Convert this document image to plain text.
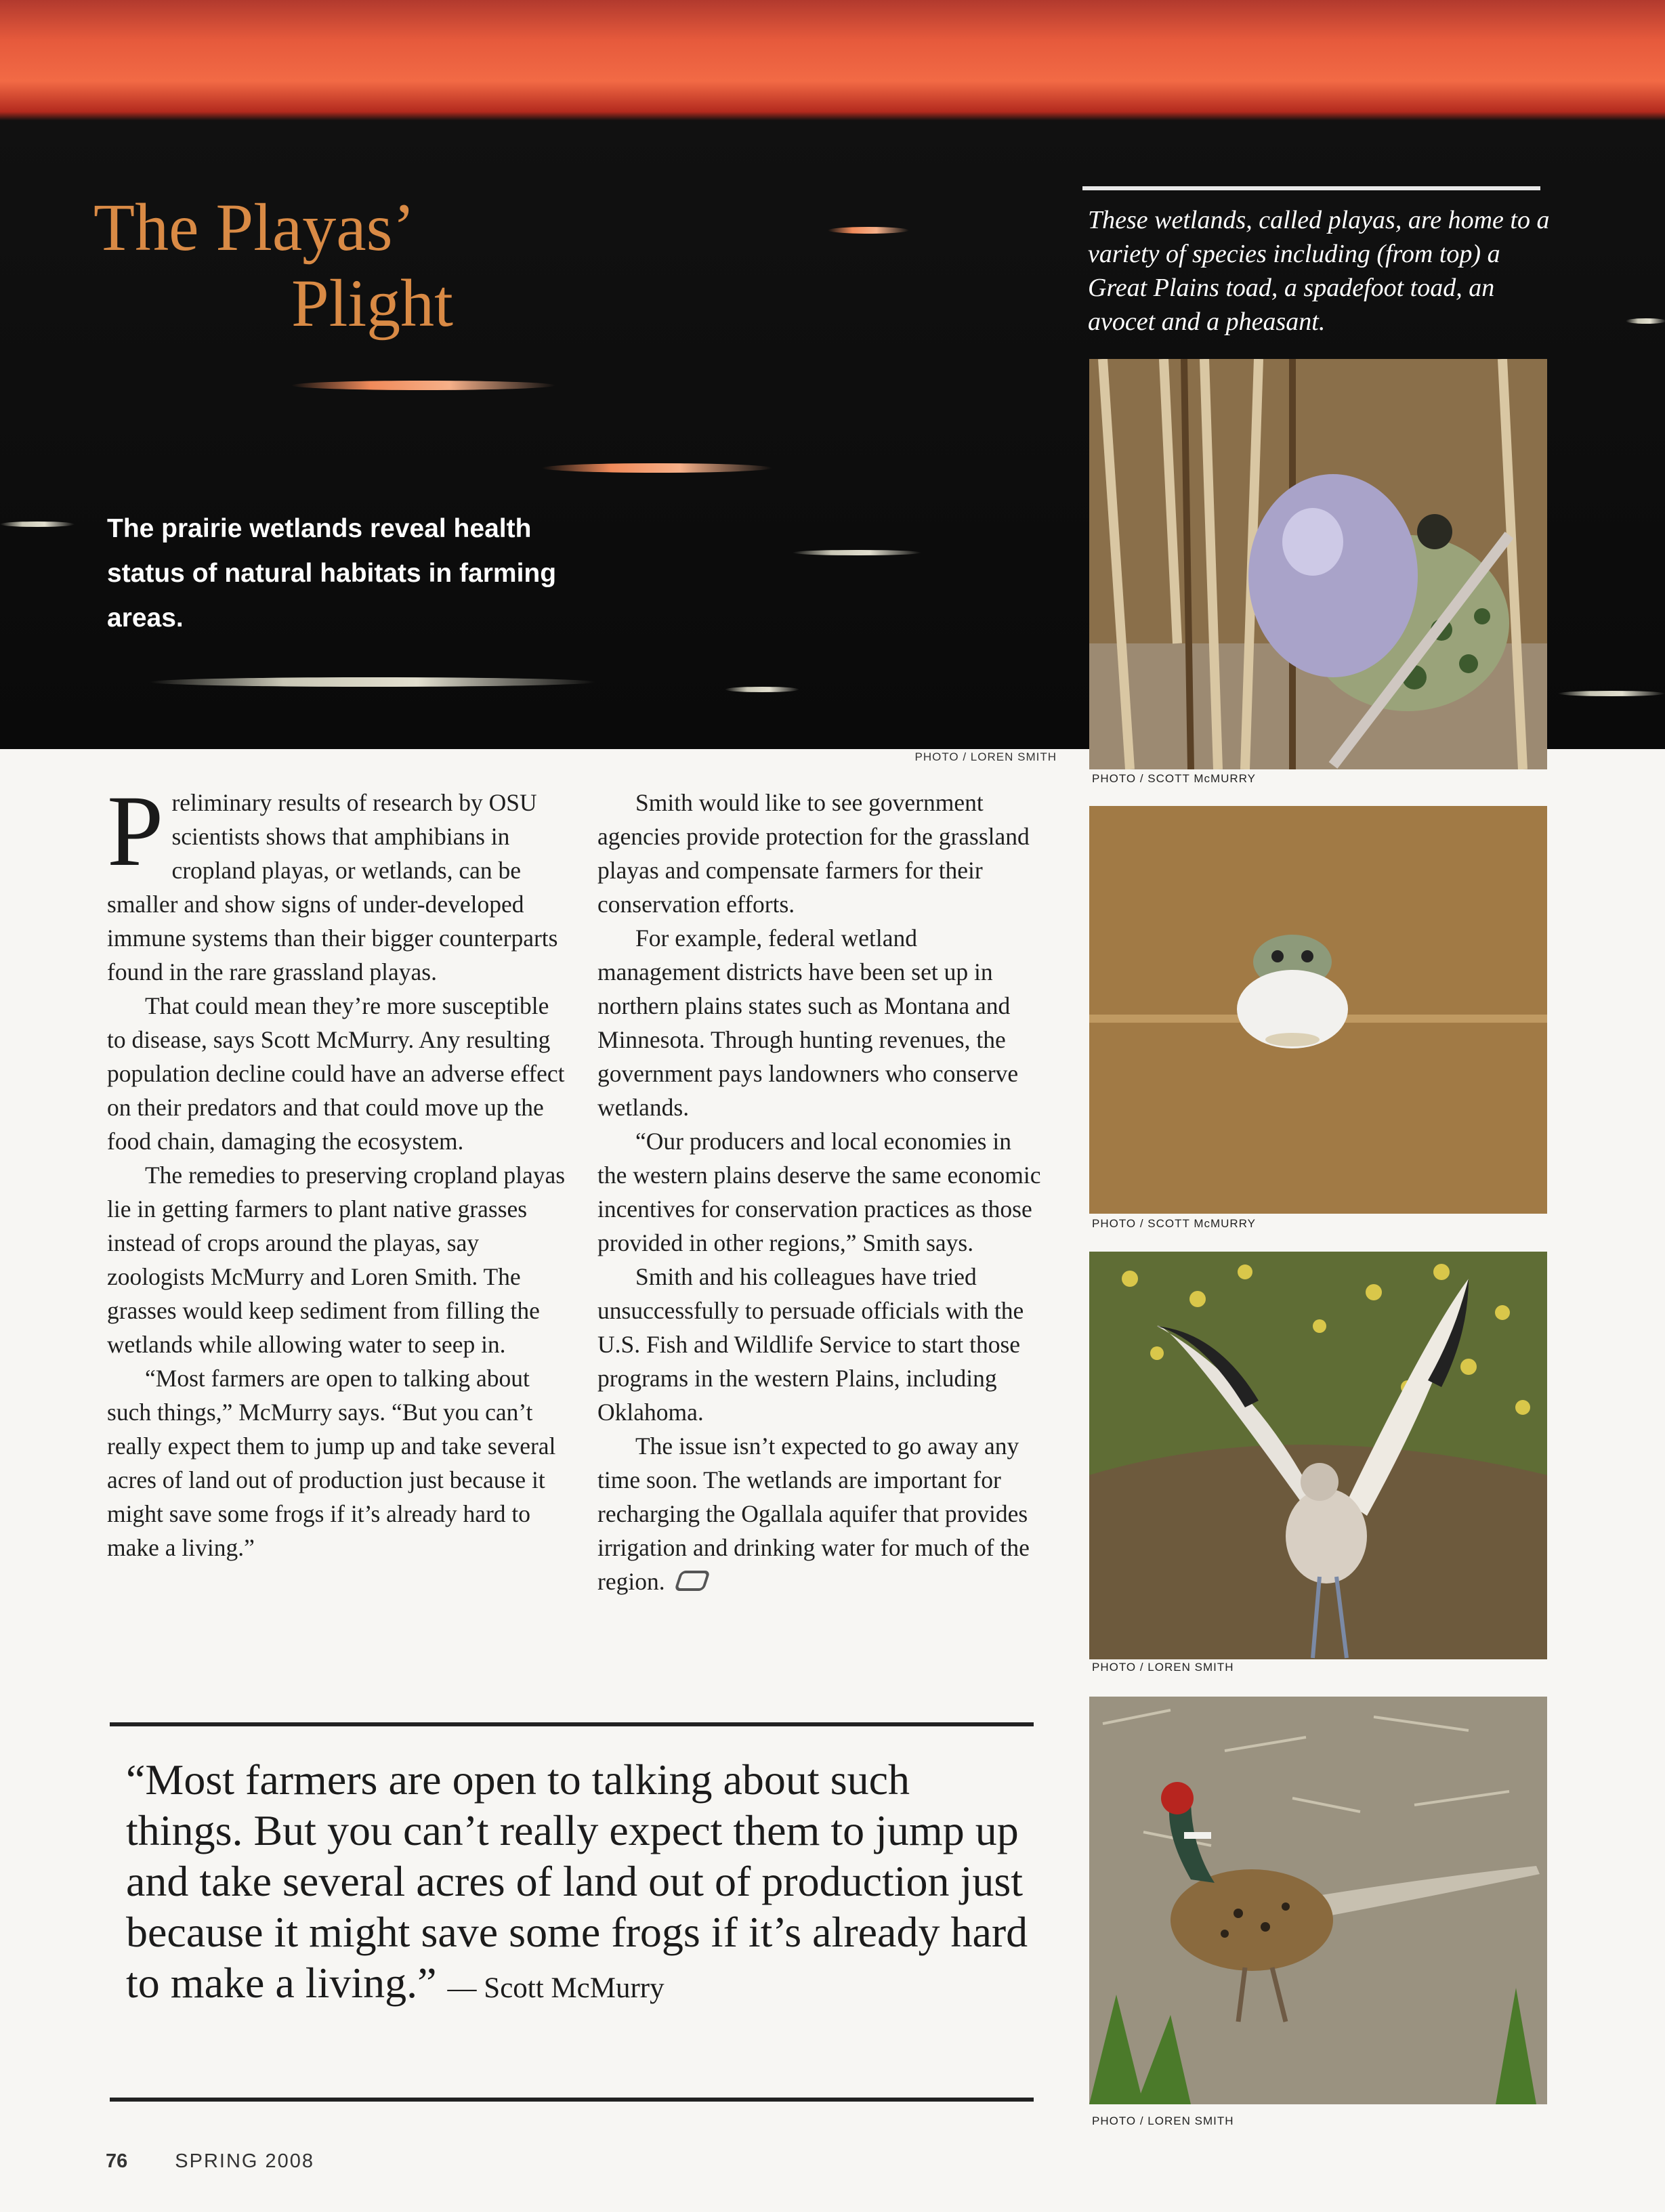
The Playas’
Plight

The prairie wetlands reveal health status of natural habitats in farming areas.

These wetlands, called playas, are home to a variety of species including (from top) a Great Plains toad, a spadefoot toad, an avocet and a pheasant.

PHOTO / LOREN SMITH
PHOTO / SCOTT McMURRY
PHOTO / SCOTT McMURRY
PHOTO / LOREN SMITH
PHOTO / LOREN SMITH

Preliminary results of research by OSU scientists shows that amphibians in cropland playas, or wetlands, can be smaller and show signs of under-developed immune systems than their bigger counterparts found in the rare grassland playas.

That could mean they’re more susceptible to disease, says Scott McMurry. Any resulting population decline could have an adverse effect on their predators and that could move up the food chain, damaging the ecosystem.

The remedies to preserving cropland playas lie in getting farmers to plant native grasses instead of crops around the playas, say zoologists McMurry and Loren Smith. The grasses would keep sediment from filling the wetlands while allowing water to seep in.

“Most farmers are open to talking about such things,” McMurry says. “But you can’t really expect them to jump up and take several acres of land out of production just because it might save some frogs if it’s already hard to make a living.”

Smith would like to see government agencies provide protection for the grassland playas and compensate farmers for their conservation efforts.

For example, federal wetland management districts have been set up in northern plains states such as Montana and Minnesota. Through hunting revenues, the government pays landowners who conserve wetlands.

“Our producers and local economies in the western plains deserve the same economic incentives for conservation practices as those provided in other regions,” Smith says.

Smith and his colleagues have tried unsuccessfully to persuade officials with the U.S. Fish and Wildlife Service to start those programs in the western Plains, including Oklahoma.

The issue isn’t expected to go away any time soon. The wetlands are important for recharging the Ogallala aquifer that provides irrigation and drinking water for much of the region.

“Most farmers are open to talking about such things. But you can’t really expect them to jump up and take several acres of land out of production just because it might save some frogs if it’s already hard to make a living.” — Scott McMurry

76 SPRING 2008
